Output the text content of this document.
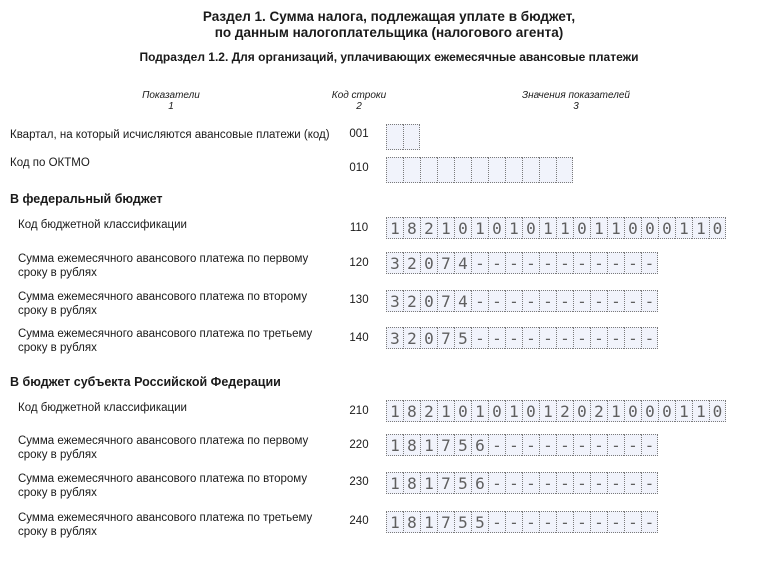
Раздел 1. Сумма налога, подлежащая уплате в бюджет,
по данным налогоплательщика (налогового агента)
Подраздел 1.2. Для организаций, уплачивающих ежемесячные авансовые платежи
Показатели
1
Код строки
2
Значения показателей
3
Квартал, на который исчисляются авансовые платежи (код)	001
Код по ОКТМО	010
В федеральный бюджет
Код бюджетной классификации	110	1 8 2 1 0 1 0 1 0 1 1 0 1 1 0 0 0 1 1 0
Сумма ежемесячного авансового платежа по первому
сроку в рублях
120	3 2 0 7 4 - - - - - - - - - - -
Сумма ежемесячного авансового платежа по второму
сроку в рублях
130	3 2 0 7 4 - - - - - - - - - - -
Сумма ежемесячного авансового платежа по третьему
сроку в рублях
140	3 2 0 7 5 - - - - - - - - - - -
В бюджет субъекта Российской Федерации
Код бюджетной классификации	210	1 8 2 1 0 1 0 1 0 1 2 0 2 1 0 0 0 1 1 0
Сумма ежемесячного авансового платежа по первому
сроку в рублях
220	1 8 1 7 5 6 - - - - - - - - - -
Сумма ежемесячного авансового платежа по второму
сроку в рублях
230	1 8 1 7 5 6 - - - - - - - - - -
Сумма ежемесячного авансового платежа по третьему
сроку в рублях
240	1 8 1 7 5 5 - - - - - - - - - -
